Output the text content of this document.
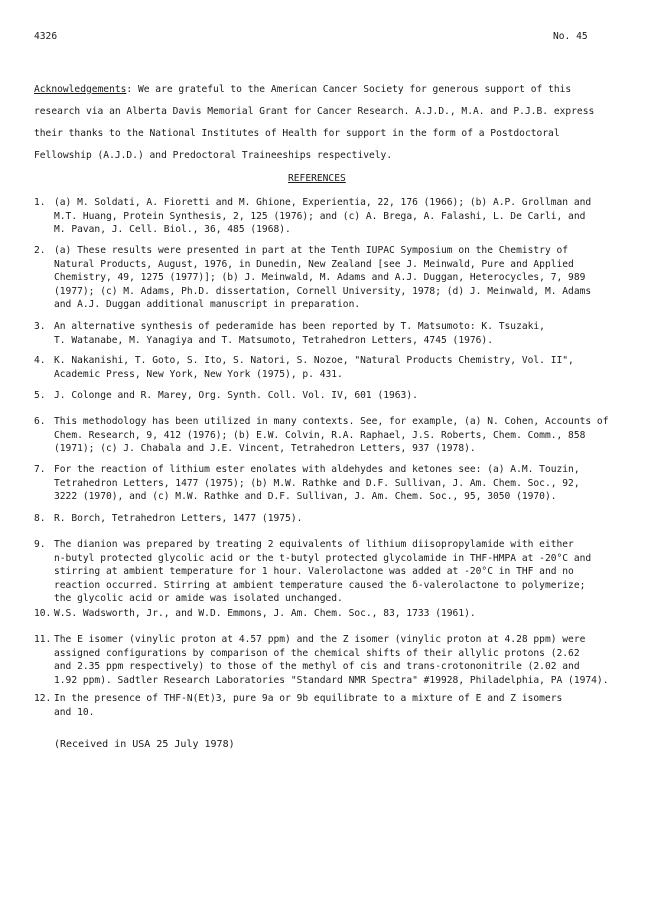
4326	No. 45
Acknowledgements: We are grateful to the American Cancer Society for generous support of this
research via an Alberta Davis Memorial Grant for Cancer Research. A.J.D., M.A. and P.J.B. express
their thanks to the National Institutes of Health for support in the form of a Postdoctoral
Fellowship (A.J.D.) and Predoctoral Traineeships respectively.
REFERENCES
1. (a) M. Soldati, A. Fioretti and M. Ghione, Experientia, 22, 176 (1966); (b) A.P. Grollman and
M.T. Huang, Protein Synthesis, 2, 125 (1976); and (c) A. Brega, A. Falashi, L. De Carli, and
M. Pavan, J. Cell. Biol., 36, 485 (1968).
2. (a) These results were presented in part at the Tenth IUPAC Symposium on the Chemistry of
Natural Products, August, 1976, in Dunedin, New Zealand [see J. Meinwald, Pure and Applied
Chemistry, 49, 1275 (1977)]; (b) J. Meinwald, M. Adams and A.J. Duggan, Heterocycles, 7, 989
(1977); (c) M. Adams, Ph.D. dissertation, Cornell University, 1978; (d) J. Meinwald, M. Adams
and A.J. Duggan additional manuscript in preparation.
3. An alternative synthesis of pederamide has been reported by T. Matsumoto: K. Tsuzaki,
T. Watanabe, M. Yanagiya and T. Matsumoto, Tetrahedron Letters, 4745 (1976).
4. K. Nakanishi, T. Goto, S. Ito, S. Natori, S. Nozoe, "Natural Products Chemistry, Vol. II",
Academic Press, New York, New York (1975), p. 431.
5. J. Colonge and R. Marey, Org. Synth. Coll. Vol. IV, 601 (1963).
6. This methodology has been utilized in many contexts. See, for example, (a) N. Cohen, Accounts of
Chem. Research, 9, 412 (1976); (b) E.W. Colvin, R.A. Raphael, J.S. Roberts, Chem. Comm., 858
(1971); (c) J. Chabala and J.E. Vincent, Tetrahedron Letters, 937 (1978).
7. For the reaction of lithium ester enolates with aldehydes and ketones see: (a) A.M. Touzin,
Tetrahedron Letters, 1477 (1975); (b) M.W. Rathke and D.F. Sullivan, J. Am. Chem. Soc., 92,
3222 (1970), and (c) M.W. Rathke and D.F. Sullivan, J. Am. Chem. Soc., 95, 3050 (1970).
8. R. Borch, Tetrahedron Letters, 1477 (1975).
9. The dianion was prepared by treating 2 equivalents of lithium diisopropylamide with either
n-butyl protected glycolic acid or the t-butyl protected glycolamide in THF-HMPA at -20°C and
stirring at ambient temperature for 1 hour. Valerolactone was added at -20°C in THF and no
reaction occurred. Stirring at ambient temperature caused the δ-valerolactone to polymerize;
the glycolic acid or amide was isolated unchanged.
10. W.S. Wadsworth, Jr., and W.D. Emmons, J. Am. Chem. Soc., 83, 1733 (1961).
11. The E isomer (vinylic proton at 4.57 ppm) and the Z isomer (vinylic proton at 4.28 ppm) were
assigned configurations by comparison of the chemical shifts of their allylic protons (2.62
and 2.35 ppm respectively) to those of the methyl of cis and trans-crotononitrile (2.02 and
1.92 ppm). Sadtler Research Laboratories "Standard NMR Spectra" #19928, Philadelphia, PA (1974).
12. In the presence of THF-N(Et)3, pure 9a or 9b equilibrate to a mixture of E and Z isomers
and 10.
(Received in USA 25 July 1978)
